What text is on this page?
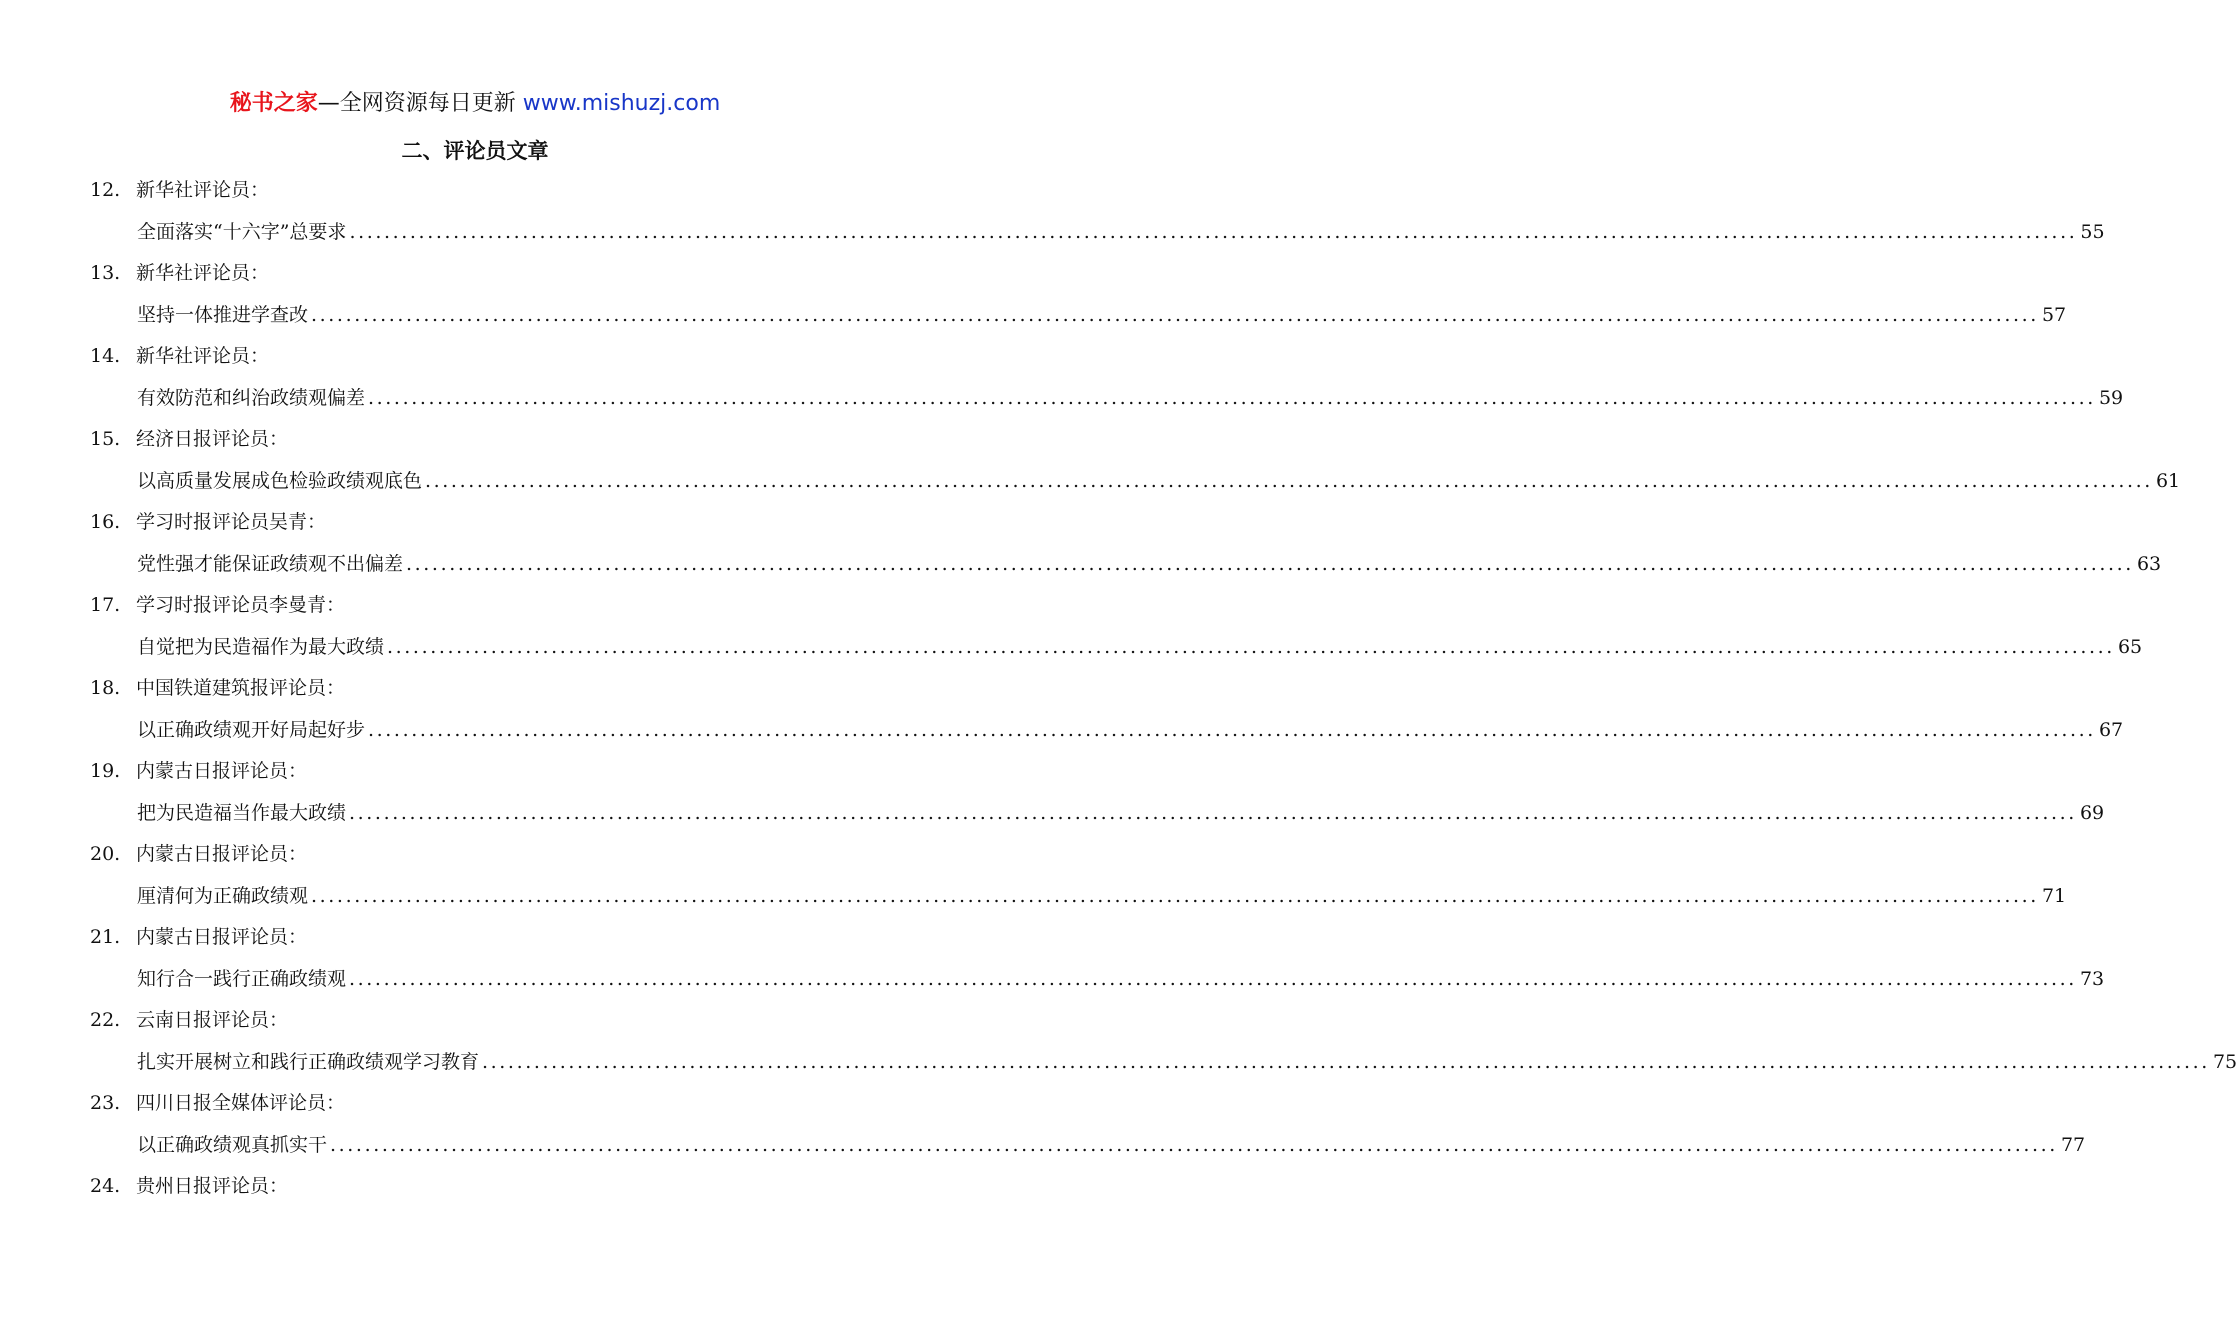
秘书之家—全网资源每日更新 www.mishuzj.com
二、评论员文章
12. 新华社评论员：
全面落实“十六字”总要求 ........................................................................................................................................................................................................ 55
13. 新华社评论员：
坚持一体推进学查改 ........................................................................................................................................................................................................ 57
14. 新华社评论员：
有效防范和纠治政绩观偏差 ........................................................................................................................................................................................................ 59
15. 经济日报评论员：
以高质量发展成色检验政绩观底色 ........................................................................................................................................................................................................ 61
16. 学习时报评论员吴青：
党性强才能保证政绩观不出偏差 ........................................................................................................................................................................................................ 63
17. 学习时报评论员李曼青：
自觉把为民造福作为最大政绩 ........................................................................................................................................................................................................ 65
18. 中国铁道建筑报评论员：
以正确政绩观开好局起好步 ........................................................................................................................................................................................................ 67
19. 内蒙古日报评论员：
把为民造福当作最大政绩 ........................................................................................................................................................................................................ 69
20. 内蒙古日报评论员：
厘清何为正确政绩观 ........................................................................................................................................................................................................ 71
21. 内蒙古日报评论员：
知行合一践行正确政绩观 ........................................................................................................................................................................................................ 73
22. 云南日报评论员：
扎实开展树立和践行正确政绩观学习教育 ........................................................................................................................................................................................................ 75
23. 四川日报全媒体评论员：
以正确政绩观真抓实干 ........................................................................................................................................................................................................ 77
24. 贵州日报评论员：
